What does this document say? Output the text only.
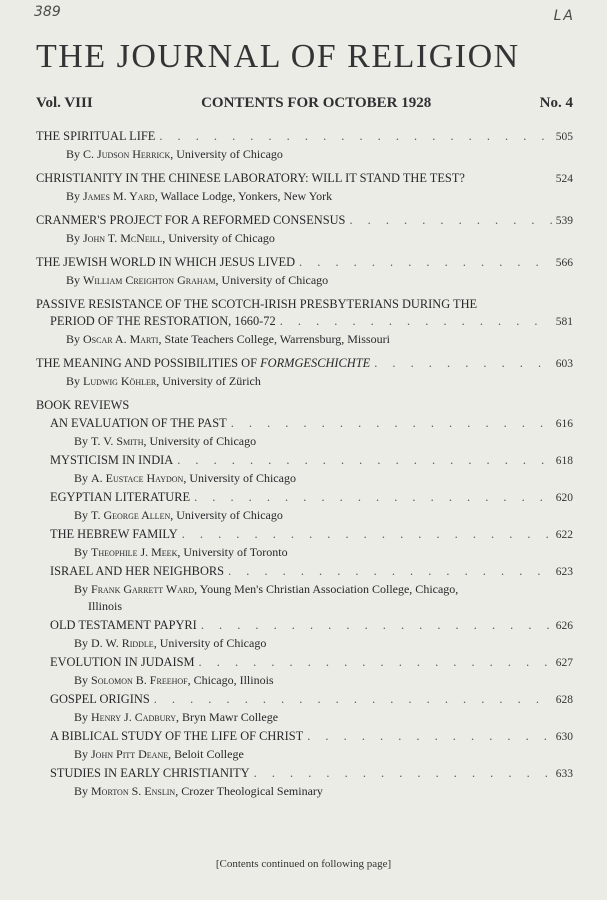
389	LA
THE JOURNAL OF RELIGION
Vol. VIII	CONTENTS FOR OCTOBER 1928	No. 4
THE SPIRITUAL LIFE . . .	505
By C. Judson Herrick, University of Chicago
CHRISTIANITY IN THE CHINESE LABORATORY: WILL IT STAND THE TEST?	524
By James M. Yard, Wallace Lodge, Yonkers, New York
CRANMER'S PROJECT FOR A REFORMED CONSENSUS . . .	539
By John T. McNeill, University of Chicago
THE JEWISH WORLD IN WHICH JESUS LIVED . . .	566
By William Creighton Graham, University of Chicago
PASSIVE RESISTANCE OF THE SCOTCH-IRISH PRESBYTERIANS DURING THE
PERIOD OF THE RESTORATION, 1660-72 . . .	581
By Oscar A. Marti, State Teachers College, Warrensburg, Missouri
THE MEANING AND POSSIBILITIES OF FORMGESCHICHTE . . .	603
By Ludwig Köhler, University of Zürich
BOOK REVIEWS
AN EVALUATION OF THE PAST . . .	616
By T. V. Smith, University of Chicago
MYSTICISM IN INDIA . . .	618
By A. Eustace Haydon, University of Chicago
EGYPTIAN LITERATURE . . .	620
By T. George Allen, University of Chicago
THE HEBREW FAMILY . . .	622
By Theophile J. Meek, University of Toronto
ISRAEL AND HER NEIGHBORS . . .	623
By Frank Garrett Ward, Young Men's Christian Association College, Chicago,
Illinois
OLD TESTAMENT PAPYRI . . .	626
By D. W. Riddle, University of Chicago
EVOLUTION IN JUDAISM . . .	627
By Solomon B. Freehof, Chicago, Illinois
GOSPEL ORIGINS . . .	628
By Henry J. Cadbury, Bryn Mawr College
A BIBLICAL STUDY OF THE LIFE OF CHRIST . . .	630
By John Pitt Deane, Beloit College
STUDIES IN EARLY CHRISTIANITY . . .	633
By Morton S. Enslin, Crozer Theological Seminary
[Contents continued on following page]
